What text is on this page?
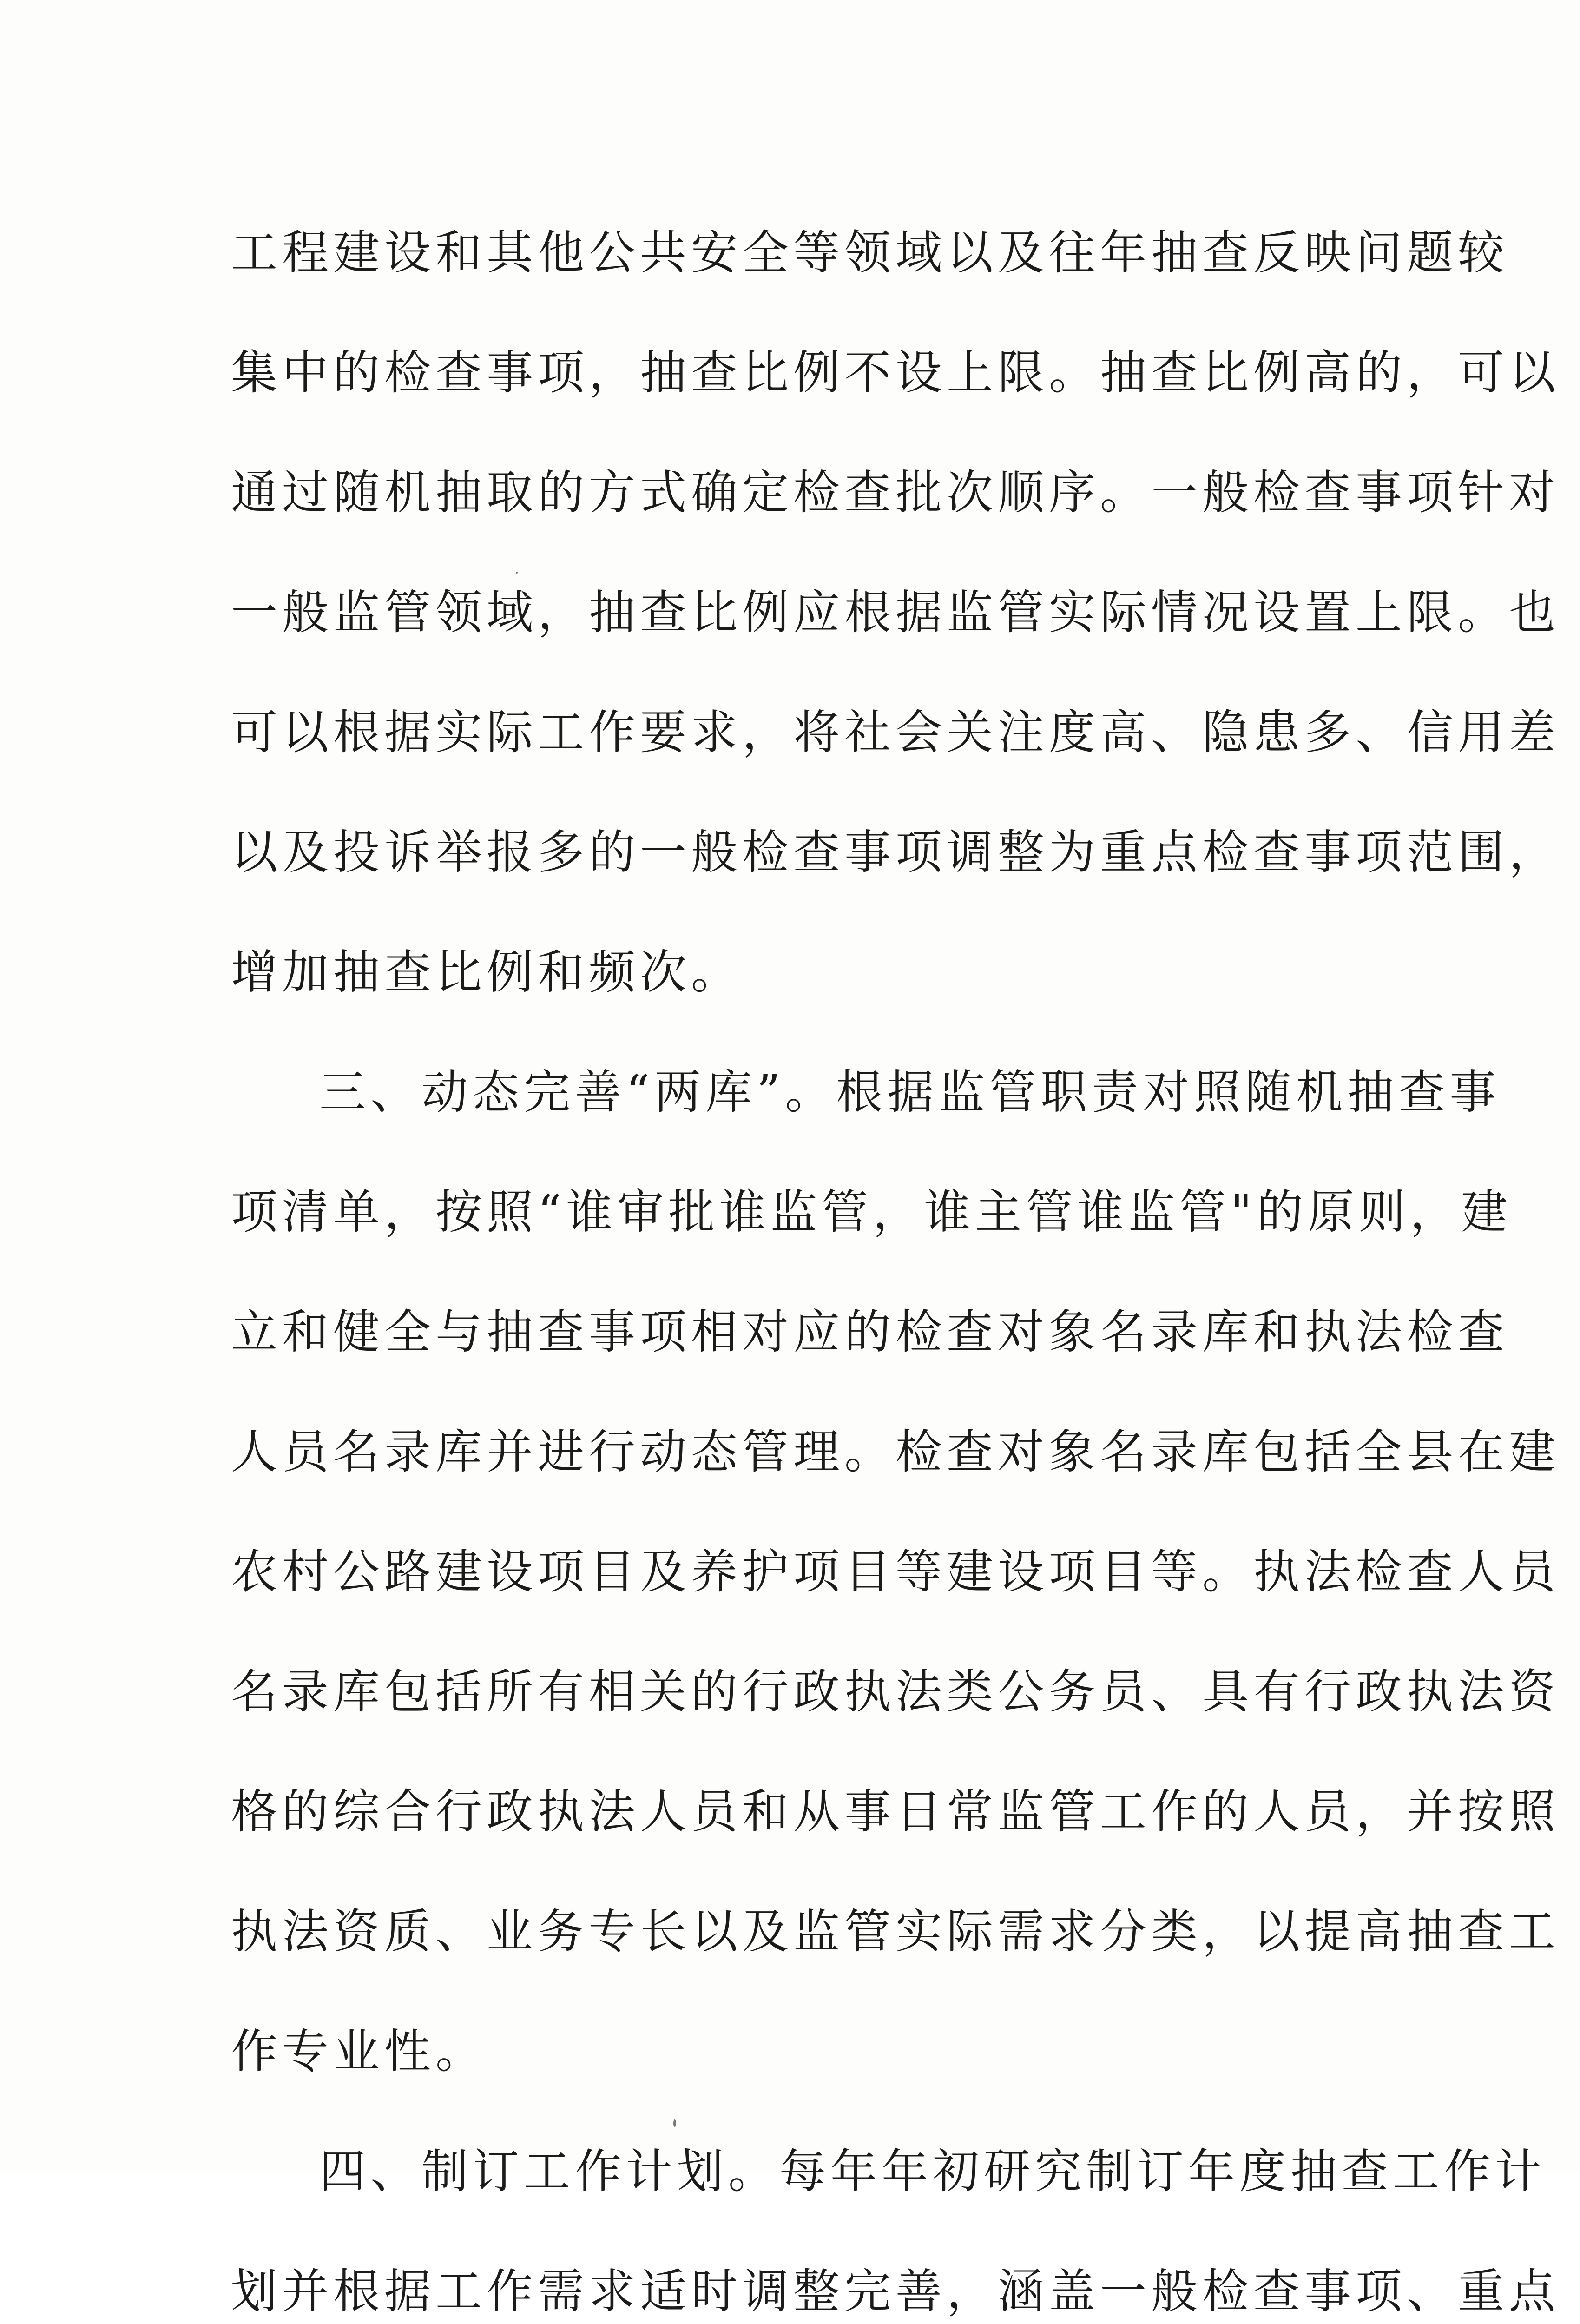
工程建设和其他公共安全等领域以及往年抽查反映问题较
集中的检查事项，抽查比例不设上限。抽查比例高的，可以
通过随机抽取的方式确定检查批次顺序。一般检查事项针对
一般监管领域，抽查比例应根据监管实际情况设置上限。也
可以根据实际工作要求，将社会关注度高、隐患多、信用差
以及投诉举报多的一般检查事项调整为重点检查事项范围，
增加抽查比例和频次。
三、动态完善“两库”。根据监管职责对照随机抽查事
项清单，按照“谁审批谁监管，谁主管谁监管"的原则，建
立和健全与抽查事项相对应的检查对象名录库和执法检查
人员名录库并进行动态管理。检查对象名录库包括全县在建
农村公路建设项目及养护项目等建设项目等。执法检查人员
名录库包括所有相关的行政执法类公务员、具有行政执法资
格的综合行政执法人员和从事日常监管工作的人员，并按照
执法资质、业务专长以及监管实际需求分类，以提高抽查工
作专业性。
四、制订工作计划。每年年初研究制订年度抽查工作计
划并根据工作需求适时调整完善，涵盖一般检查事项、重点
